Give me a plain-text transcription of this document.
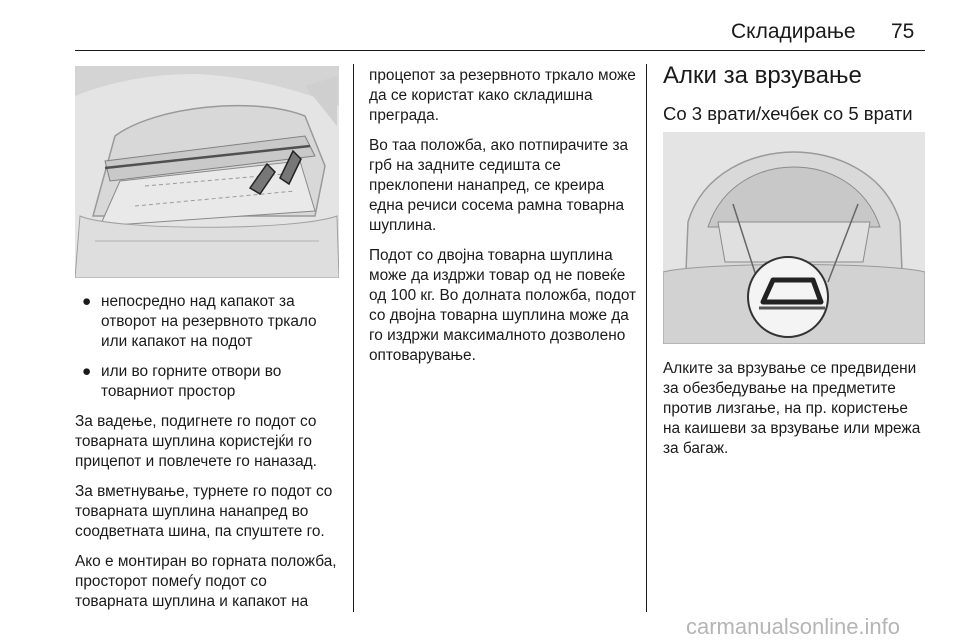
Складирање 75
● непосредно над капакот за отворот на резервното тркало или капакот на подот
● или во горните отвори во товарниот простор

За вадење, подигнете го подот со товарната шуплина користејќи го прицепот и повлечете го наназад.

За вметнување, турнете го подот со товарната шуплина нанапред во соодветната шина, па спуштете го.

Ако е монтиран во горната положба, просторот помеѓу подот со товарната шуплина и капакот на

процепот за резервното тркало може да се користат како складишна преграда.

Во таа положба, ако потпирачите за грб на задните седишта се преклопени нанапред, се креира една речиси сосема рамна товарна шуплина.

Подот со двојна товарна шуплина може да издржи товар од не повеќе од 100 кг. Во долната положба, подот со двојна товарна шуплина може да го издржи максималното дозволено оптоварување.

Алки за врзување
Со 3 врати/хечбек со 5 врати

Алките за врзување се предвидени за обезбедување на предметите против лизгање, на пр. користење на каишеви за врзување или мрежа за багаж.

carmanualsonline.info
